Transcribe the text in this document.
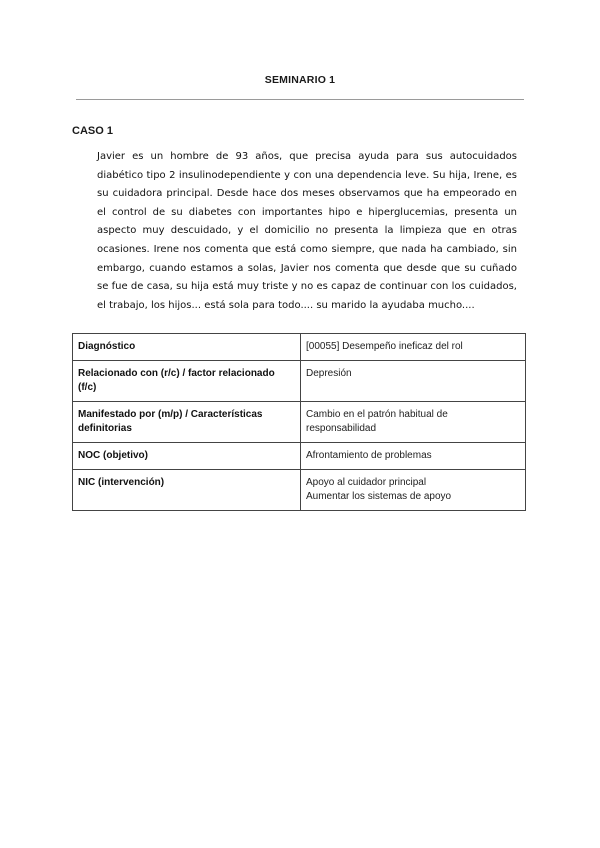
SEMINARIO 1
CASO 1

Javier es un hombre de 93 años, que precisa ayuda para sus autocuidados diabético tipo 2 insulinodependiente y con una dependencia leve. Su hija, Irene, es su cuidadora principal. Desde hace dos meses observamos que ha empeorado en el control de su diabetes con importantes hipo e hiperglucemias, presenta un aspecto muy descuidado, y el domicilio no presenta la limpieza que en otras ocasiones. Irene nos comenta que está como siempre, que nada ha cambiado, sin embargo, cuando estamos a solas, Javier nos comenta que desde que su cuñado se fue de casa, su hija está muy triste y no es capaz de continuar con los cuidados, el trabajo, los hijos... está sola para todo.... su marido la ayudaba mucho....

Diagnóstico	[00055] Desempeño ineficaz del rol

Relacionado con (r/c) / factor relacionado (f/c)	Depresión

Manifestado por (m/p) / Características definitorias	Cambio en el patrón habitual de responsabilidad

NOC (objetivo)	Afrontamiento de problemas

NIC (intervención)	Apoyo al cuidador principal
Aumentar los sistemas de apoyo
